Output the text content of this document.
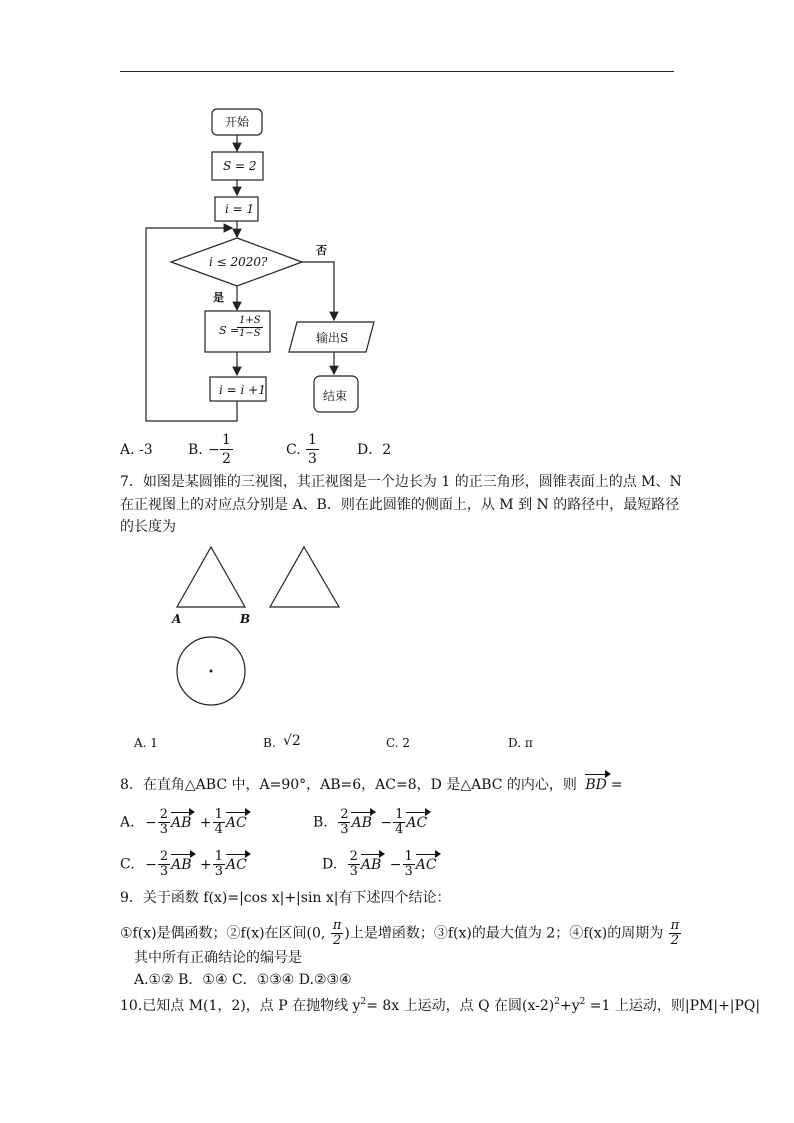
开始
S = 2
i = 1
i ≤ 2020?
否
是
S =
$\frac{1+S}{1-S}$	输出S
i = i +1	结束
A. -3	B. − $\frac{1}{2}$	C. $\frac{1}{3}$	D．2
7．如图是某圆锥的三视图，其正视图是一个边长为 1 的正三角形，圆锥表面上的点 M、N
在正视图上的对应点分别是 A、B．则在此圆锥的侧面上，从 M 到 N 的路径中，最短路径
的长度为
A	B
A. 1	B. √2	C. 2	D. π
8．在直角△ABC 中，A=90°，AB=6，AC=8，D 是△ABC 的内心，则 BD =
A. − $\frac{2}{3}$ AB + $\frac{1}{4}$ AC	B. $\frac{2}{3}$ AB − $\frac{1}{4}$ AC
C. − $\frac{2}{3}$ AB + $\frac{1}{3}$ AC	D. $\frac{2}{3}$ AB − $\frac{1}{3}$ AC
9．关于函数 f(x)=|cos x|+|sin x|有下述四个结论：
①f(x)是偶函数；②f(x)在区间(0, $\frac{\pi}{2}$ )上是增函数；③f(x)的最大值为 2；④f(x)的周期为 $\frac{\pi}{2}$
其中所有正确结论的编号是
A.①② B．①④ C．①③④ D.②③④
10.已知点 M(1，2)，点 P 在抛物线 $y^2= 8x$ 上运动，点 Q 在圆$(x-2)^2+y^2 =1$ 上运动，则|PM|+|PQ|
